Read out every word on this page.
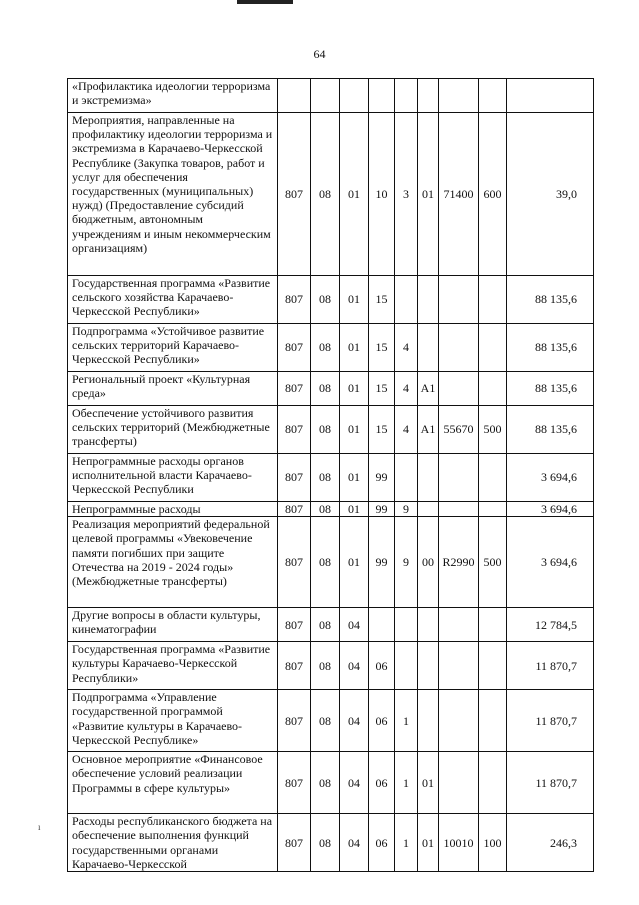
64
ı
«Профилактика идеологии терроризма и экстремизма»									
Мероприятия, направленные на профилактику идеологии терроризма и экстремизма в Карачаево-Черкесской Республике (Закупка товаров, работ и услуг для обеспечения государственных (муниципальных) нужд) (Предоставление субсидий бюджетным, автономным учреждениям и иным некоммерческим организациям)	807	08	01	10	3	01	71400	600	39,0
Государственная программа «Развитие сельского хозяйства Карачаево-Черкесской Республики»	807	08	01	15					88 135,6
Подпрограмма «Устойчивое развитие сельских территорий Карачаево-Черкесской Республики»	807	08	01	15	4				88 135,6
Региональный проект «Культурная среда»	807	08	01	15	4	A1			88 135,6
Обеспечение устойчивого развития сельских территорий (Межбюджетные трансферты)	807	08	01	15	4	A1	55670	500	88 135,6
Непрограммные расходы органов исполнительной власти Карачаево-Черкесской Республики	807	08	01	99					3 694,6
Непрограммные расходы	807	08	01	99	9				3 694,6
Реализация мероприятий федеральной целевой программы «Увековечение памяти погибших при защите Отечества на 2019 - 2024 годы» (Межбюджетные трансферты)	807	08	01	99	9	00	R2990	500	3 694,6
Другие вопросы в области культуры, кинематографии	807	08	04						12 784,5
Государственная программа «Развитие культуры Карачаево-Черкесской Республики»	807	08	04	06					11 870,7
Подпрограмма «Управление государственной программой «Развитие культуры в Карачаево-Черкесской Республике»	807	08	04	06	1				11 870,7
Основное мероприятие «Финансовое обеспечение условий реализации Программы в сфере культуры»	807	08	04	06	1	01			11 870,7
Расходы республиканского бюджета на обеспечение выполнения функций государственными органами Карачаево-Черкесской	807	08	04	06	1	01	10010	100	246,3
